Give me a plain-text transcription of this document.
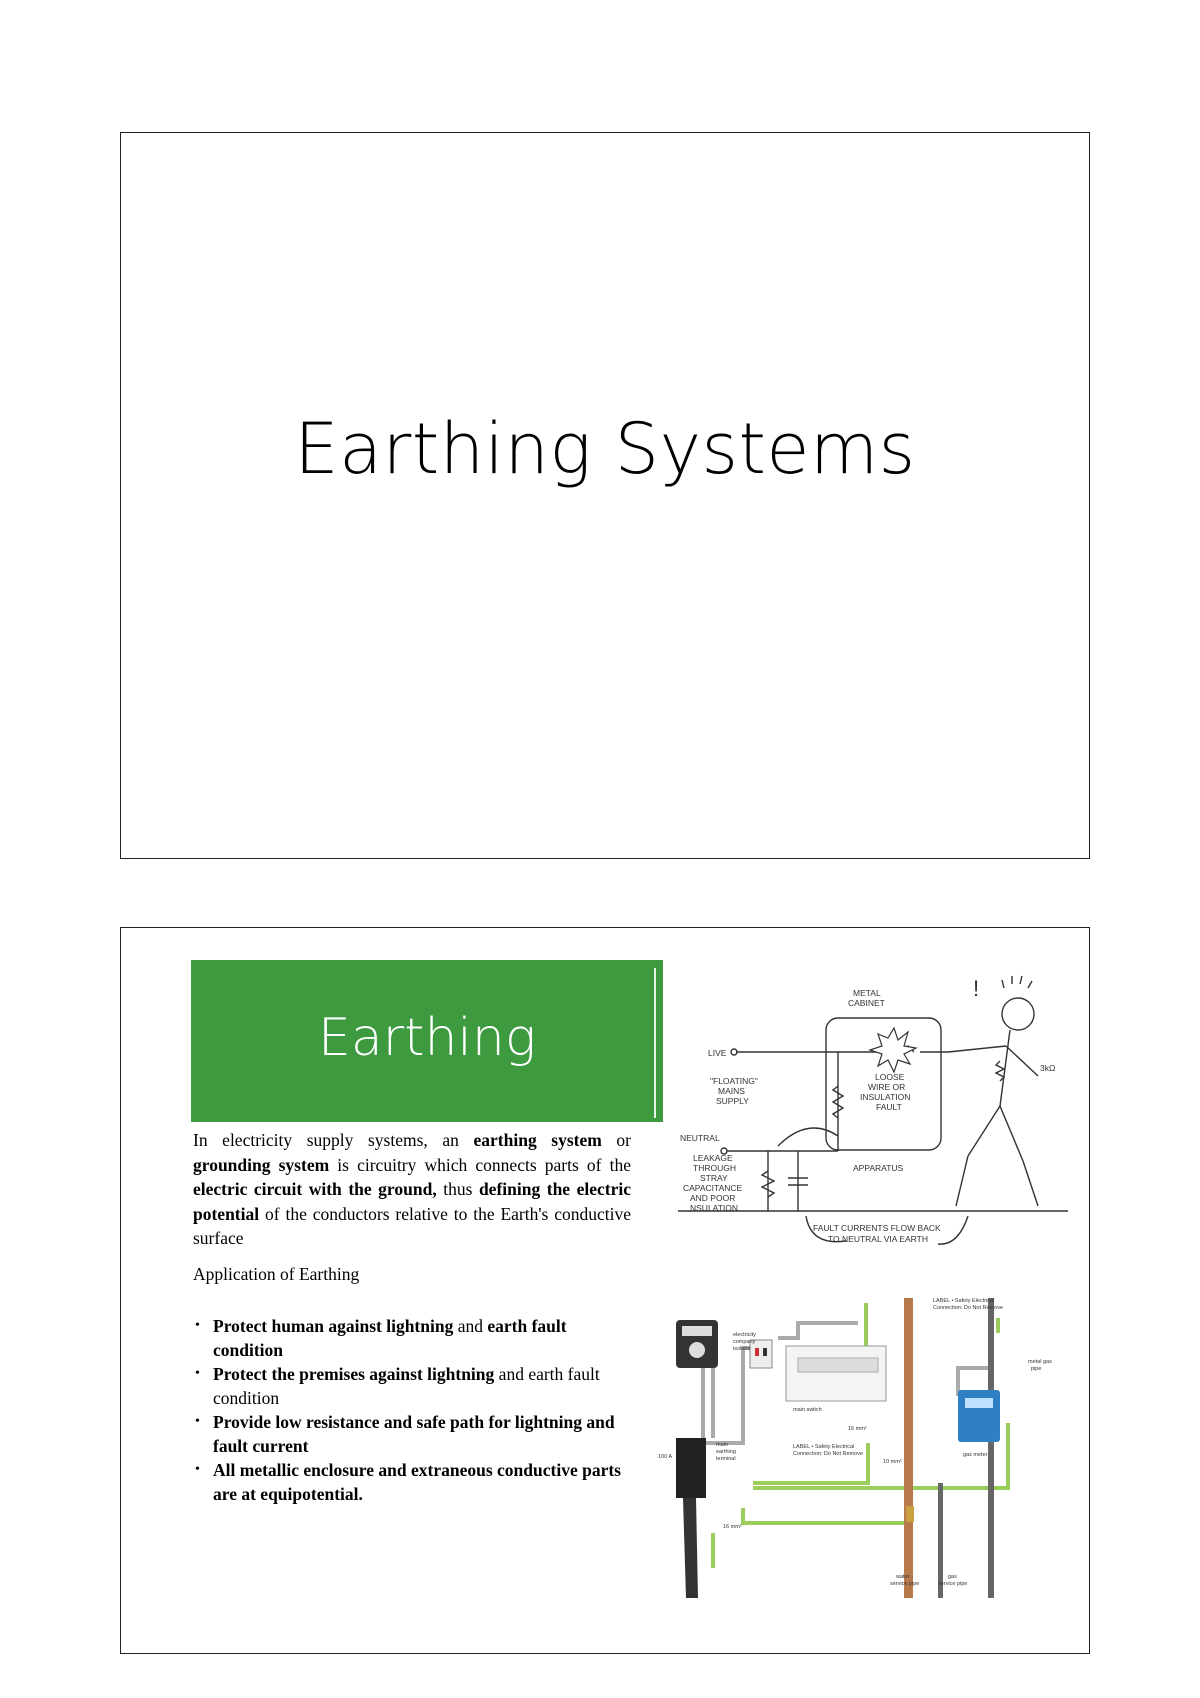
Earthing Systems
Earthing
In electricity supply systems, an earthing system or grounding system is circuitry which connects parts of the electric circuit with the ground, thus defining the electric potential of the conductors relative to the Earth's conductive surface
Application of Earthing
• Protect human against lightning and earth fault condition
• Protect the premises against lightning and earth fault condition
• Provide low resistance and safe path for lightning and fault current
• All metallic enclosure and extraneous conductive parts are at equipotential.
METAL
CABINET
LIVE
"FLOATING"
MAINS
SUPPLY
LOOSE
WIRE OR
INSULATION
FAULT
3kΩ
NEUTRAL
LEAKAGE
THROUGH
STRAY
CAPACITANCE
AND POOR
NSULATION
APPARATUS
FAULT CURRENTS FLOW BACK
TO NEUTRAL VIA EARTH
!
electricity
company
isolator
LABEL • Safety Electrical
Connection: Do Not Remove
metal gas
pipe
main switch
16 mm²
main
earthing
terminal
LABEL • Safety Electrical
Connection: Do Not Remove
100 A
10 mm²
gas meter
16 mm²
water
service pipe
gas
service pipe
